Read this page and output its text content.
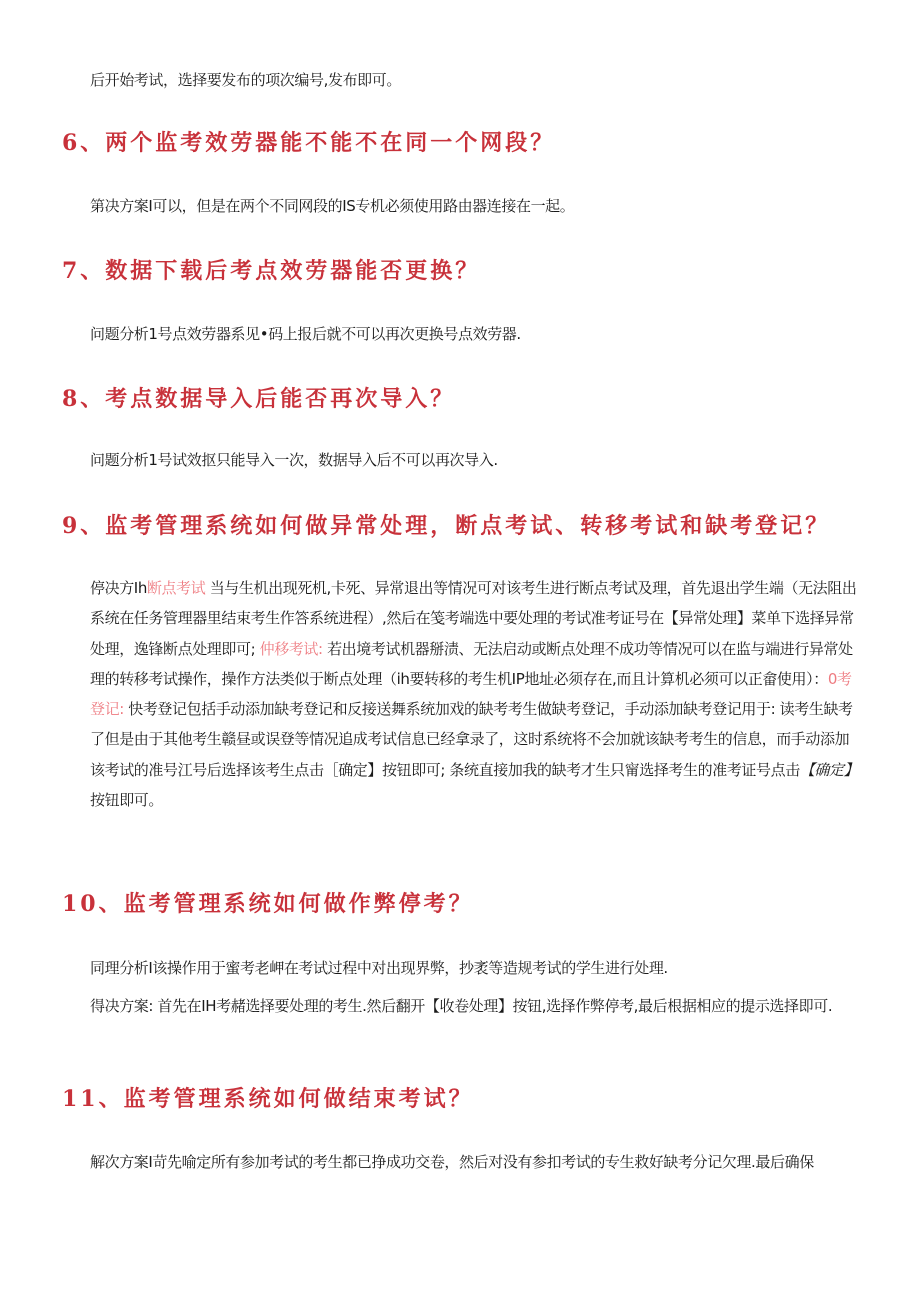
后开始考试，选择要发布的项次编号,发布即可。

6、两个监考效劳器能不能不在同一个网段？

第决方案I可以，但是在两个不同网段的IS专机必须使用路由器连接在一起。

7、数据下载后考点效劳器能否更换？

问题分析1号点效劳器系见•码上报后就不可以再次更换号点效劳器.

8、考点数据导入后能否再次导入？

问题分析1号试效抠只能导入一次，数据导入后不可以再次导入.

9、监考管理系统如何做异常处理，断点考试、转移考试和缺考登记？

停决方Ih断点考试 当与生机出现死机,卡死、异常退出等情况可对该考生进行断点考试及理，首先退出学生端（无法阻出系统在任务管理器里结束考生作答系统进程）,然后在笺考端选中要处理的考试准考证号在【异常处理】菜单下选择异常处理，逸锋断点处理即可; 仲移考试: 若出境考试机器掰渍、无法启动或断点处理不成功等情况可以在监与端进行异常处理的转移考试操作，操作方法类似于断点处理（ih要转移的考生机IP地址必须存在,而且计算机必须可以正畲使用）：0考登记: 快考登记包括手动添加缺考登记和反接送舞系统加戏的缺考考生做缺考登记，手动添加缺考登记用于: 读考生缺考了但是由于其他考生赣昼或误登等情况追成考试信息已经拿录了，这时系统将不会加就该缺考考生的信息，而手动添加该考试的准号江号后选择该考生点击［确定】按钮即可; 条统直接加我的缺考才生只甯选择考生的准考证号点击【确定】按钮即可。

10、监考管理系统如何做作弊停考？

同理分析I该操作用于蜜考老岬在考试过程中对出现界弊，抄袤等造规考试的学生进行处理.

得决方案: 首先在IH考赭选择要处理的考生.然后翻开【收卷处理】按钮,选择作弊停考,最后根据相应的提示选择即可.

11、监考管理系统如何做结束考试？

解次方案I苛先喻定所有参加考试的考生都已挣成功交卷，然后对没有参扣考试的专生救好缺考分记欠理.最后确保
